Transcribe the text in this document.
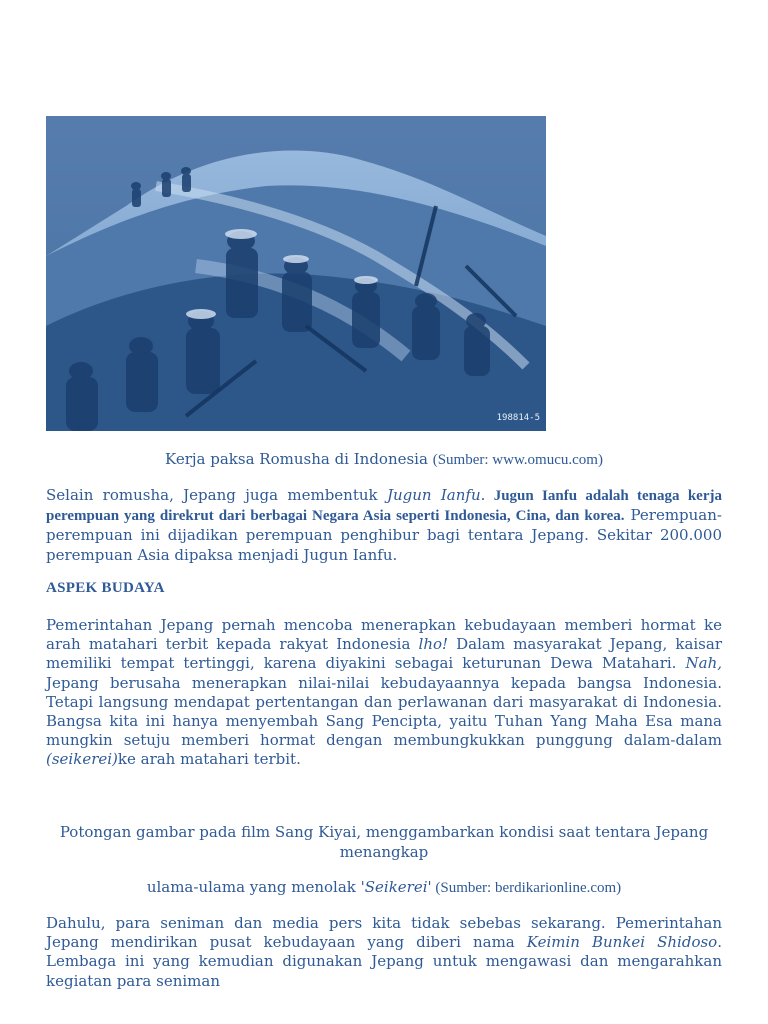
198814-5
Kerja paksa Romusha di Indonesia (Sumber: www.omucu.com)
Selain romusha, Jepang juga membentuk Jugun Ianfu. Jugun Ianfu adalah tenaga kerja perempuan yang direkrut dari berbagai Negara Asia seperti Indonesia, Cina, dan korea. Perempuan-perempuan ini dijadikan perempuan penghibur bagi tentara Jepang. Sekitar 200.000 perempuan Asia dipaksa menjadi Jugun Ianfu.
ASPEK BUDAYA
Pemerintahan Jepang pernah mencoba menerapkan kebudayaan memberi hormat ke arah matahari terbit kepada rakyat Indonesia lho! Dalam masyarakat Jepang, kaisar memiliki tempat tertinggi, karena diyakini sebagai keturunan Dewa Matahari. Nah, Jepang berusaha menerapkan nilai-nilai kebudayaannya kepada bangsa Indonesia. Tetapi langsung mendapat pertentangan dan perlawanan dari masyarakat di Indonesia. Bangsa kita ini hanya menyembah Sang Pencipta, yaitu Tuhan Yang Maha Esa mana mungkin setuju memberi hormat dengan membungkukkan punggung dalam-dalam (seikerei)ke arah matahari terbit.
Potongan gambar pada film Sang Kiyai, menggambarkan kondisi saat tentara Jepang menangkap
ulama-ulama yang menolak 'Seikerei' (Sumber: berdikarionline.com)
Dahulu, para seniman dan media pers kita tidak sebebas sekarang. Pemerintahan Jepang mendirikan pusat kebudayaan yang diberi nama Keimin Bunkei Shidoso. Lembaga ini yang kemudian digunakan Jepang untuk mengawasi dan mengarahkan kegiatan para seniman
